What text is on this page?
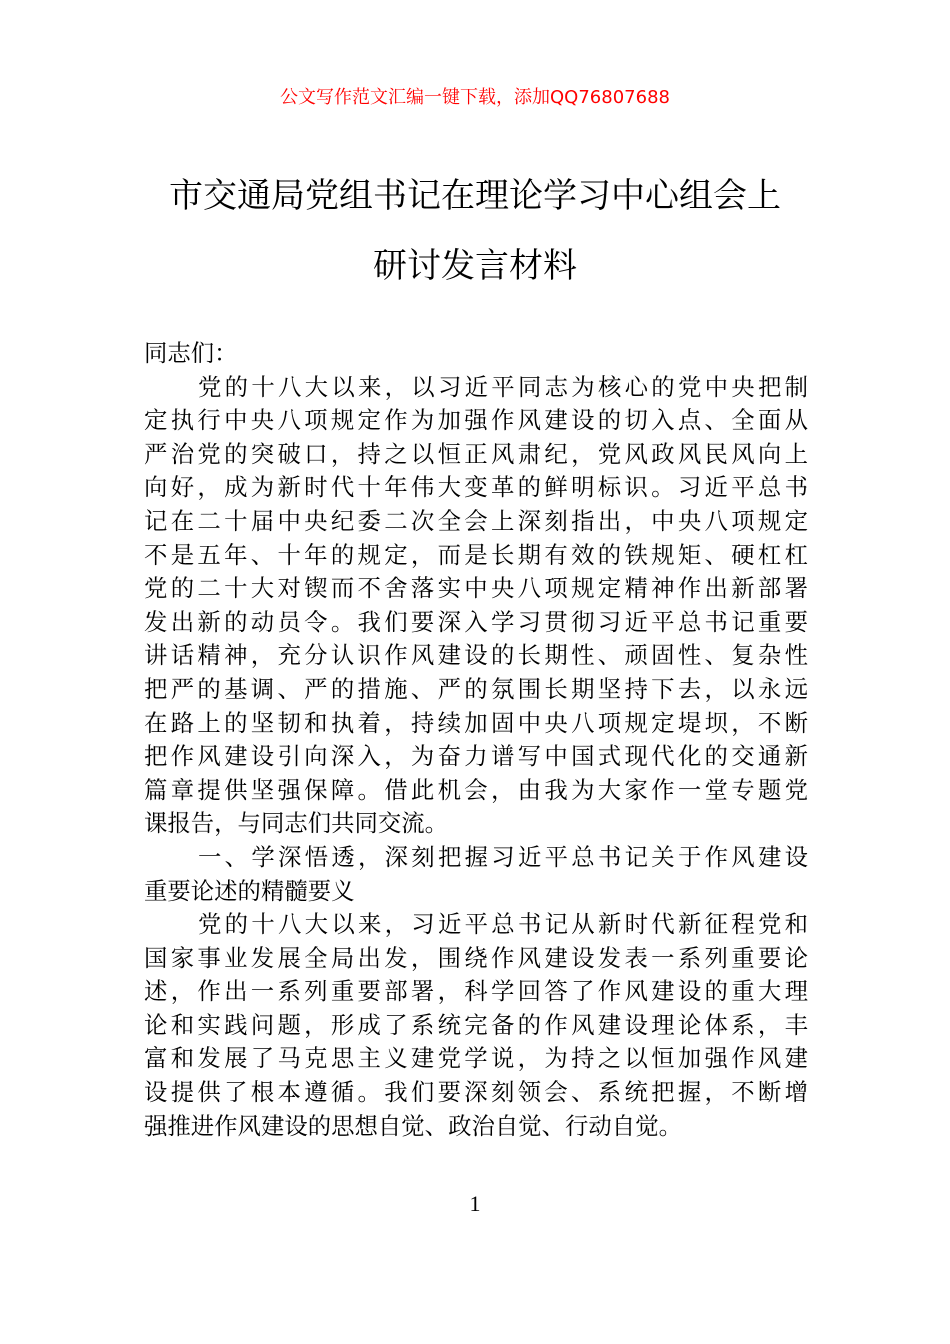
公文写作范文汇编一键下载，添加QQ76807688
市交通局党组书记在理论学习中心组会上
研讨发言材料
同志们：
党的十八大以来，以习近平同志为核心的党中央把制
定执行中央八项规定作为加强作风建设的切入点、全面从
严治党的突破口，持之以恒正风肃纪，党风政风民风向上
向好，成为新时代十年伟大变革的鲜明标识。习近平总书
记在二十届中央纪委二次全会上深刻指出，中央八项规定
不是五年、十年的规定，而是长期有效的铁规矩、硬杠杠
党的二十大对锲而不舍落实中央八项规定精神作出新部署
发出新的动员令。我们要深入学习贯彻习近平总书记重要
讲话精神，充分认识作风建设的长期性、顽固性、复杂性
把严的基调、严的措施、严的氛围长期坚持下去，以永远
在路上的坚韧和执着，持续加固中央八项规定堤坝，不断
把作风建设引向深入，为奋力谱写中国式现代化的交通新
篇章提供坚强保障。借此机会，由我为大家作一堂专题党
课报告，与同志们共同交流。
一、学深悟透，深刻把握习近平总书记关于作风建设
重要论述的精髓要义
党的十八大以来，习近平总书记从新时代新征程党和
国家事业发展全局出发，围绕作风建设发表一系列重要论
述，作出一系列重要部署，科学回答了作风建设的重大理
论和实践问题，形成了系统完备的作风建设理论体系，丰
富和发展了马克思主义建党学说，为持之以恒加强作风建
设提供了根本遵循。我们要深刻领会、系统把握，不断增
强推进作风建设的思想自觉、政治自觉、行动自觉。
1
